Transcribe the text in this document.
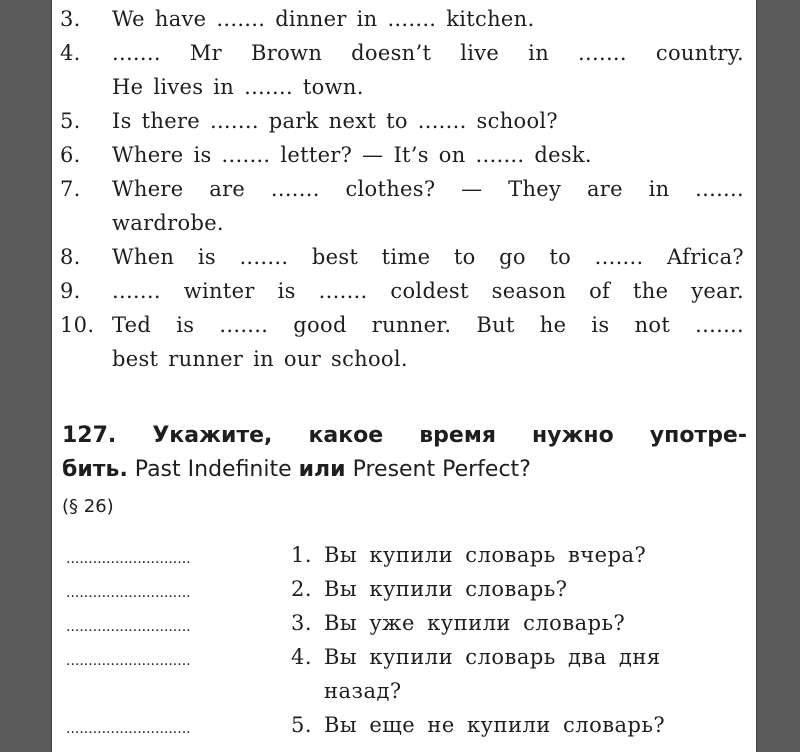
3.	We have ....... dinner in ....... kitchen.
4.	....... Mr Brown doesn’t live in ....... country.
He lives in ....... town.
5.	Is there ....... park next to ....... school?
6.	Where is ....... letter? — It’s on ....... desk.
7.	Where are ....... clothes? — They are in .......
wardrobe.
8.	When is ....... best time to go to ....... Africa?
9.	....... winter is ....... coldest season of the year.
10. Ted is ....... good runner. But he is not .......
best runner in our school.
127. Укажите, какое время нужно употре-
бить. Past Indefinite или Present Perfect?
(§ 26)
............................	1. Вы купили словарь вчера?
............................	2. Вы купили словарь?
............................	3. Вы уже купили словарь?
............................	4. Вы купили словарь два дня
назад?
............................	5. Вы еще не купили словарь?
